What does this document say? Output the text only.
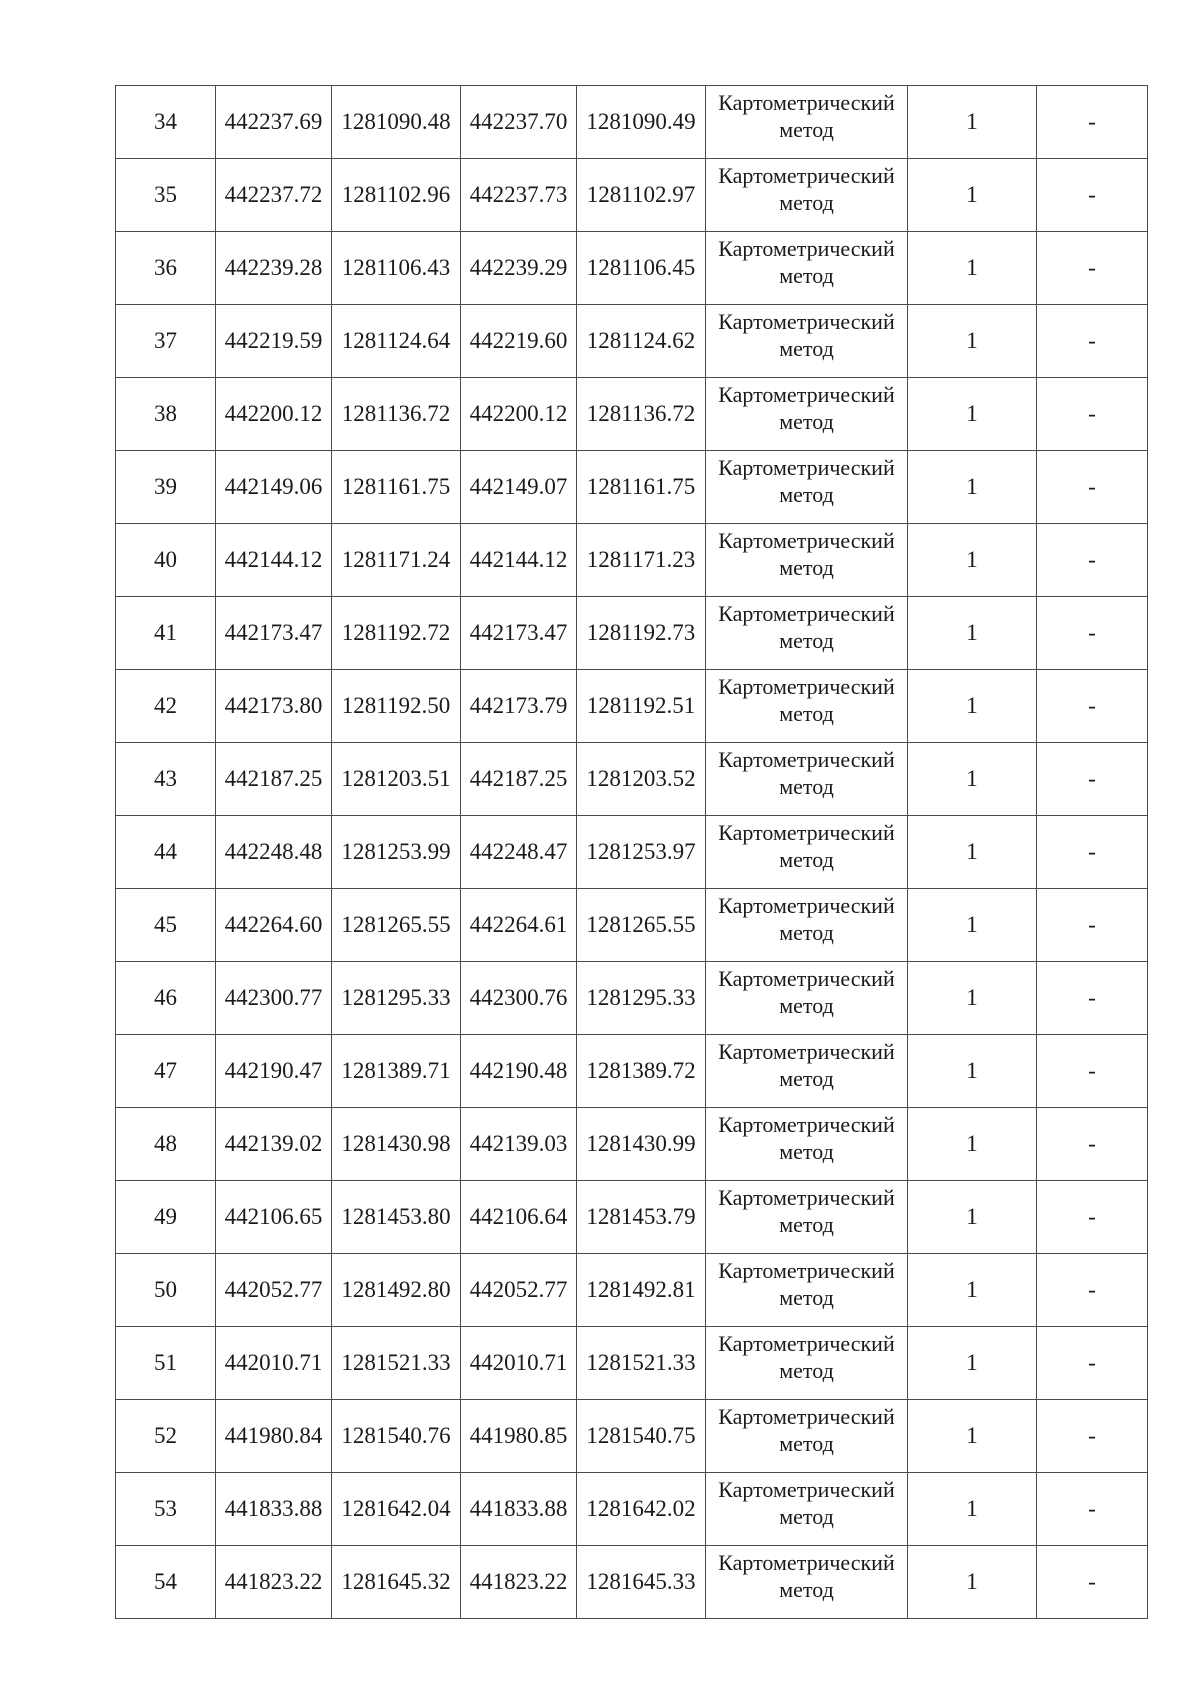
34	442237.69	1281090.48	442237.70	1281090.49	Картометрический метод	1	-
35	442237.72	1281102.96	442237.73	1281102.97	Картометрический метод	1	-
36	442239.28	1281106.43	442239.29	1281106.45	Картометрический метод	1	-
37	442219.59	1281124.64	442219.60	1281124.62	Картометрический метод	1	-
38	442200.12	1281136.72	442200.12	1281136.72	Картометрический метод	1	-
39	442149.06	1281161.75	442149.07	1281161.75	Картометрический метод	1	-
40	442144.12	1281171.24	442144.12	1281171.23	Картометрический метод	1	-
41	442173.47	1281192.72	442173.47	1281192.73	Картометрический метод	1	-
42	442173.80	1281192.50	442173.79	1281192.51	Картометрический метод	1	-
43	442187.25	1281203.51	442187.25	1281203.52	Картометрический метод	1	-
44	442248.48	1281253.99	442248.47	1281253.97	Картометрический метод	1	-
45	442264.60	1281265.55	442264.61	1281265.55	Картометрический метод	1	-
46	442300.77	1281295.33	442300.76	1281295.33	Картометрический метод	1	-
47	442190.47	1281389.71	442190.48	1281389.72	Картометрический метод	1	-
48	442139.02	1281430.98	442139.03	1281430.99	Картометрический метод	1	-
49	442106.65	1281453.80	442106.64	1281453.79	Картометрический метод	1	-
50	442052.77	1281492.80	442052.77	1281492.81	Картометрический метод	1	-
51	442010.71	1281521.33	442010.71	1281521.33	Картометрический метод	1	-
52	441980.84	1281540.76	441980.85	1281540.75	Картометрический метод	1	-
53	441833.88	1281642.04	441833.88	1281642.02	Картометрический метод	1	-
54	441823.22	1281645.32	441823.22	1281645.33	Картометрический метод	1	-
